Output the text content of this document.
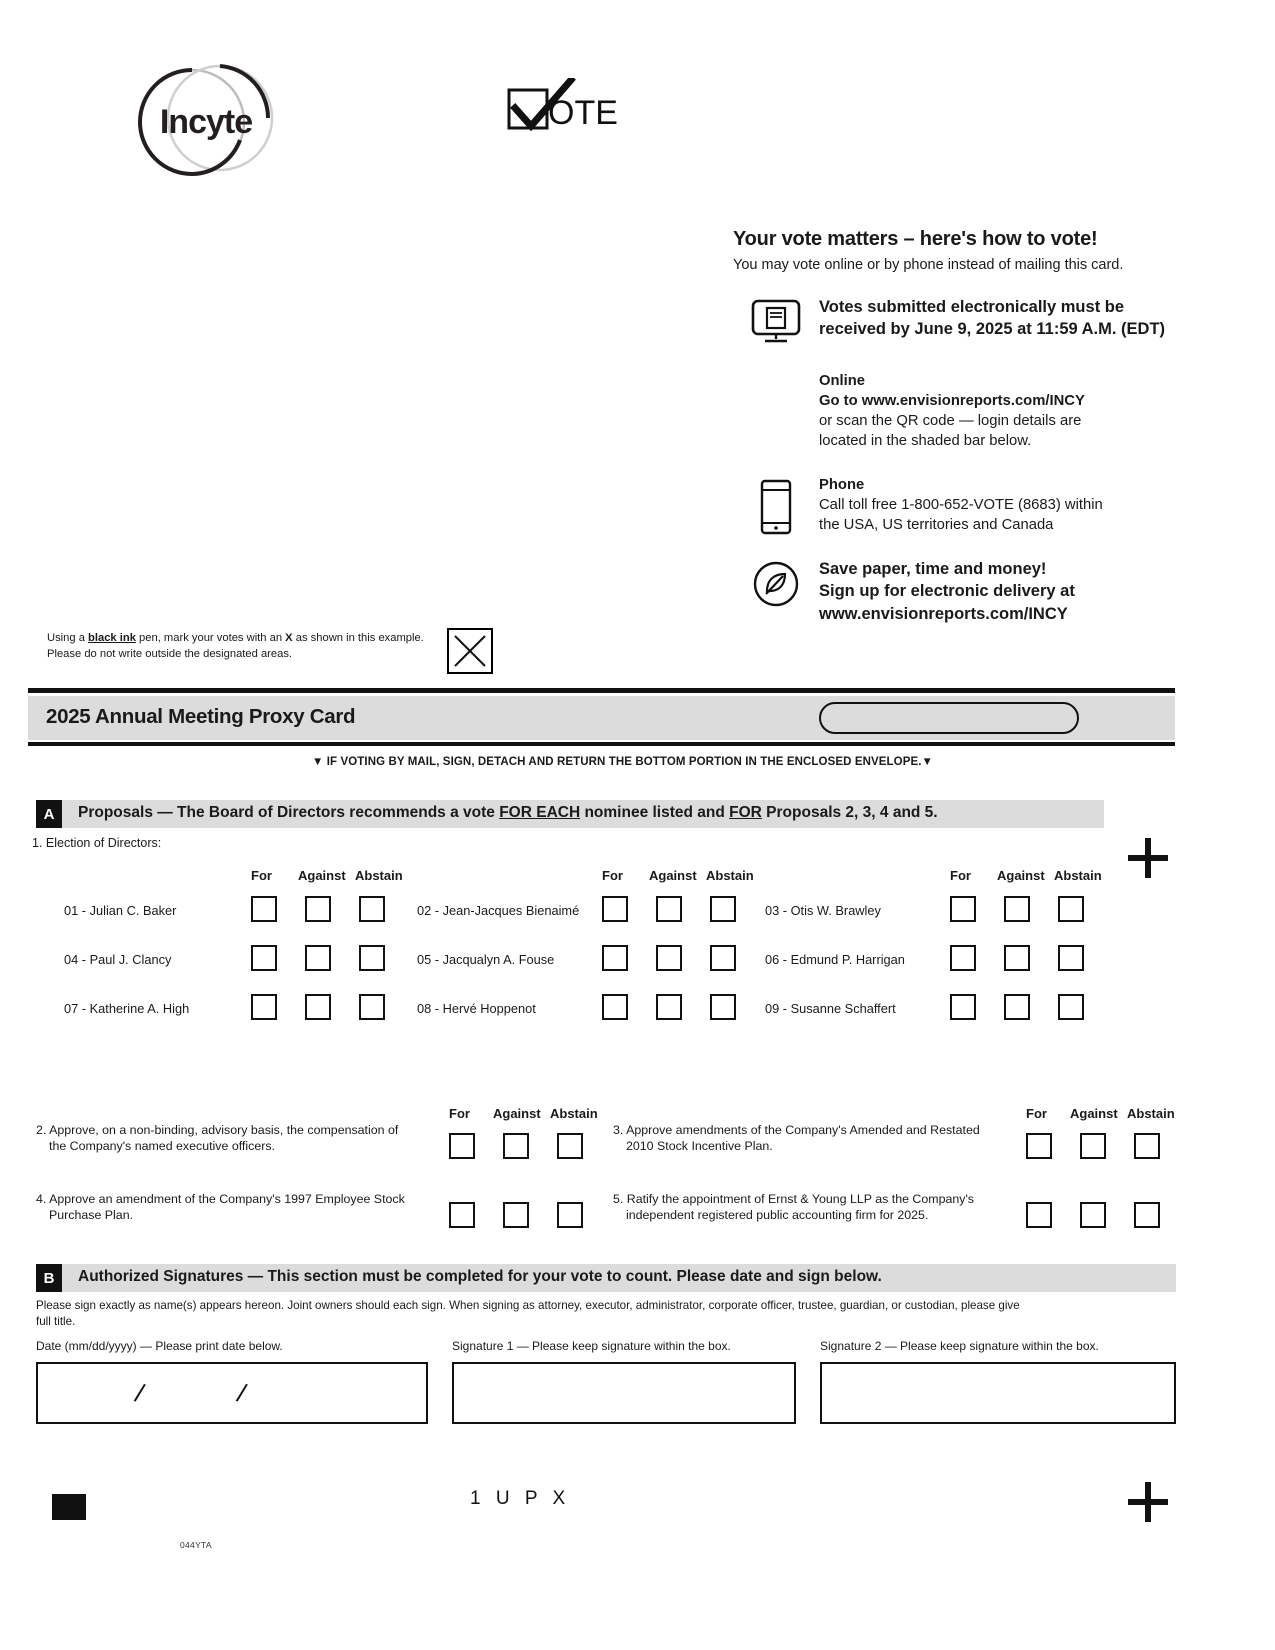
Incyte	OTE
Your vote matters – here's how to vote!
You may vote online or by phone instead of mailing this card.
Votes submitted electronically must be received by June 9, 2025 at 11:59 A.M. (EDT)
Online
Go to www.envisionreports.com/INCY
or scan the QR code — login details are
located in the shaded bar below.
Phone
Call toll free 1-800-652-VOTE (8683) within
the USA, US territories and Canada
Save paper, time and money!
Sign up for electronic delivery at
www.envisionreports.com/INCY
Using a black ink pen, mark your votes with an X as shown in this example.
Please do not write outside the designated areas.
2025 Annual Meeting Proxy Card
▼ IF VOTING BY MAIL, SIGN, DETACH AND RETURN THE BOTTOM PORTION IN THE ENCLOSED ENVELOPE.▼
A	Proposals — The Board of Directors recommends a vote FOR EACH nominee listed and FOR Proposals 2, 3, 4 and 5.
1. Election of Directors:
For Against Abstain	For Against Abstain	For Against Abstain
01 - Julian C. Baker	02 - Jean-Jacques Bienaimé	03 - Otis W. Brawley
04 - Paul J. Clancy	05 - Jacqualyn A. Fouse	06 - Edmund P. Harrigan
07 - Katherine A. High	08 - Hervé Hoppenot	09 - Susanne Schaffert
For Against Abstain
2. Approve, on a non-binding, advisory basis, the compensation of
the Company's named executive officers.
For Against Abstain
3. Approve amendments of the Company's Amended and Restated
2010 Stock Incentive Plan.
4. Approve an amendment of the Company's 1997 Employee Stock
Purchase Plan.
5. Ratify the appointment of Ernst & Young LLP as the Company's
independent registered public accounting firm for 2025.
B	Authorized Signatures — This section must be completed for your vote to count. Please date and sign below.
Please sign exactly as name(s) appears hereon. Joint owners should each sign. When signing as attorney, executor, administrator, corporate officer, trustee, guardian, or custodian, please give
full title.
Date (mm/dd/yyyy) — Please print date below.	Signature 1 — Please keep signature within the box.	Signature 2 — Please keep signature within the box.
/	/
1 U P X
044YTA
